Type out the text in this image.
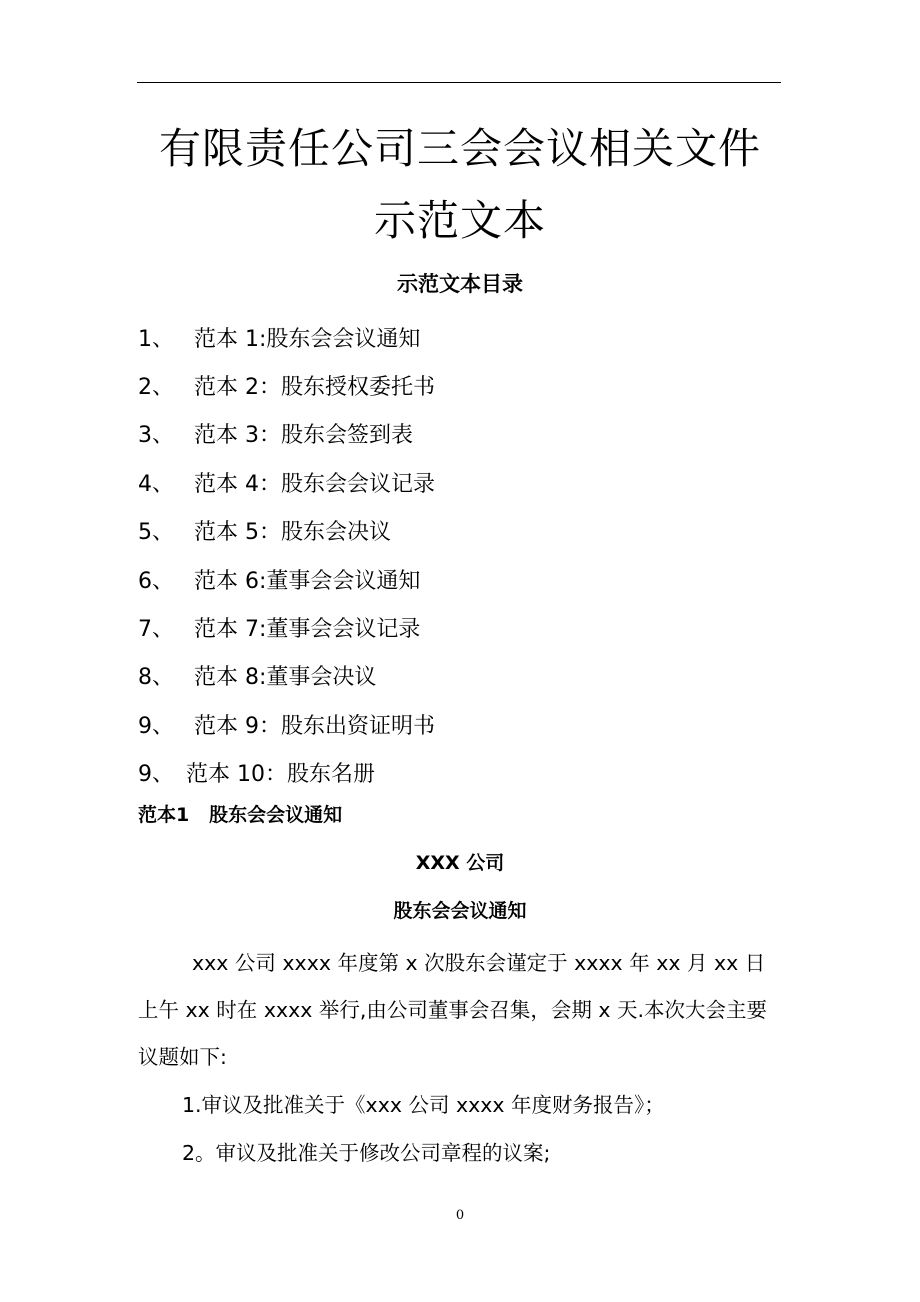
有限责任公司三会会议相关文件
示范文本
示范文本目录
1、 范本 1:股东会会议通知
2、 范本 2：股东授权委托书
3、 范本 3：股东会签到表
4、 范本 4：股东会会议记录
5、 范本 5：股东会决议
6、 范本 6:董事会会议通知
7、 范本 7:董事会会议记录
8、 范本 8:董事会决议
9、 范本 9：股东出资证明书
9、 范本 10：股东名册
范本1   股东会会议通知
XXX 公司
股东会会议通知

xxx 公司 xxxx 年度第 x 次股东会谨定于 xxxx 年 xx 月 xx 日上午 xx 时在 xxxx 举行,由公司董事会召集，会期 x 天.本次大会主要议题如下:

1.审议及批准关于《xxx 公司 xxxx 年度财务报告》；
2。审议及批准关于修改公司章程的议案;
0
